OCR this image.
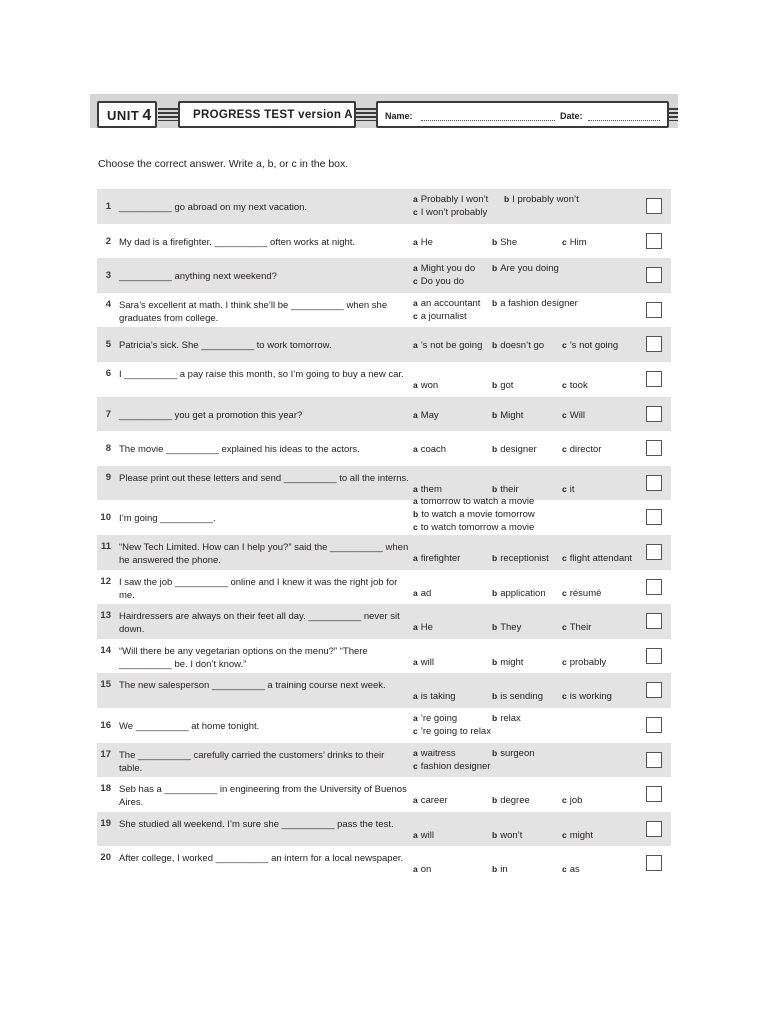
UNIT 4	PROGRESS TEST version A	Name:	Date:
Choose the correct answer. Write a, b, or c in the box.
1 __________ go abroad on my next vacation.
a Probably I won’t b I probably won’t
c I won’t probably
2 My dad is a firefighter. __________ often works at night.	a He	b She	c Him
3 __________ anything next weekend?
a Might you do b Are you doing
c Do you do
4 Sara’s excellent at math. I think she’ll be __________ when she graduates from college.
a an accountant b a fashion designer
c a journalist
5 Patricia’s sick. She __________ to work tomorrow.	a ’s not be going b doesn’t go c ’s not going
6 I __________ a pay raise this month, so I’m going to buy a new car.
a won	b got	c took
7 __________ you get a promotion this year?	a May	b Might	c Will
8 The movie __________ explained his ideas to the actors.	a coach	b designer	c director
9 Please print out these letters and send __________ to all the interns.
a them	b their	c it
10 I’m going __________.
a tomorrow to watch a movie
b to watch a movie tomorrow
c to watch tomorrow a movie
11 “New Tech Limited. How can I help you?” said the __________ when he answered the phone.	a firefighter	b receptionist c flight attendant
12 I saw the job __________ online and I knew it was the right job for me.	a ad	b application c résumé
13 Hairdressers are always on their feet all day. __________ never sit down.	a He	b They	c Their
14 “Will there be any vegetarian options on the menu?” “There __________ be. I don’t know.”	a will	b might	c probably
15 The new salesperson __________ a training course next week.
a is taking	b is sending c is working
16 We __________ at home tonight.
a ’re going	b relax
c ’re going to relax
17 The __________ carefully carried the customers’ drinks to their table.
a waitress	b surgeon
c fashion designer
18 Seb has a __________ in engineering from the University of Buenos Aires.	a career	b degree	c job
19 She studied all weekend. I’m sure she __________ pass the test.
a will	b won’t	c might
20 After college, I worked __________ an intern for a local newspaper.
a on	b in	c as
